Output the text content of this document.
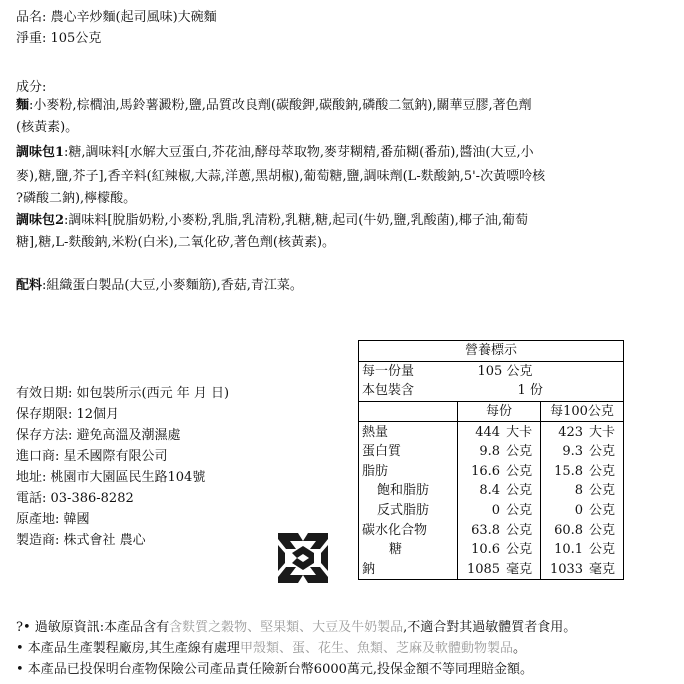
品名: 農心辛炒麵(起司風味)大碗麵
淨重: 105公克
成分:
麵:小麥粉,棕櫚油,馬鈴薯澱粉,鹽,品質改良劑(碳酸鉀,碳酸鈉,磷酸二氫鈉),關華豆膠,著色劑
(核黃素)。
調味包1:糖,調味料[水解大豆蛋白,芥花油,酵母萃取物,麥芽糊精,番茄糊(番茄),醬油(大豆,小
麥),糖,鹽,芥子],香辛料(紅辣椒,大蒜,洋蔥,黑胡椒),葡萄糖,鹽,調味劑(L-麩酸鈉,5'-次黃嘌呤核
?磷酸二鈉),檸檬酸。
調味包2:調味料[脫脂奶粉,小麥粉,乳脂,乳清粉,乳糖,糖,起司(牛奶,鹽,乳酸菌),椰子油,葡萄
糖],糖,L-麩酸鈉,米粉(白米),二氧化矽,著色劑(核黃素)。
配料:組織蛋白製品(大豆,小麥麵筋),香菇,青江菜。
有效日期: 如包裝所示(西元 年 月 日)
保存期限: 12個月
保存方法: 避免高溫及潮濕處
進口商: 星禾國際有限公司
地址: 桃園市大園區民生路104號
電話: 03-386-8282
原產地: 韓國
製造商: 株式會社 農心
營養標示				
每一份量	105 公克			
本包裝含	1 份			
	每份		每100公克	
熱量	444	大卡	423	大卡
蛋白質	9.8	公克	9.3	公克
脂肪	16.6	公克	15.8	公克
飽和脂肪	8.4	公克	8	公克
反式脂肪	0	公克	0	公克
碳水化合物	63.8	公克	60.8	公克
糖	10.6	公克	10.1	公克
鈉	1085	毫克	1033	毫克
?• 過敏原資訊:本產品含有含麩質之穀物、堅果類、大豆及牛奶製品,不適合對其過敏體質者食用。
• 本產品生產製程廠房,其生產線有處理甲殼類、蛋、花生、魚類、芝麻及軟體動物製品。
• 本產品已投保明台產物保險公司產品責任險新台幣6000萬元,投保金額不等同理賠金額。
